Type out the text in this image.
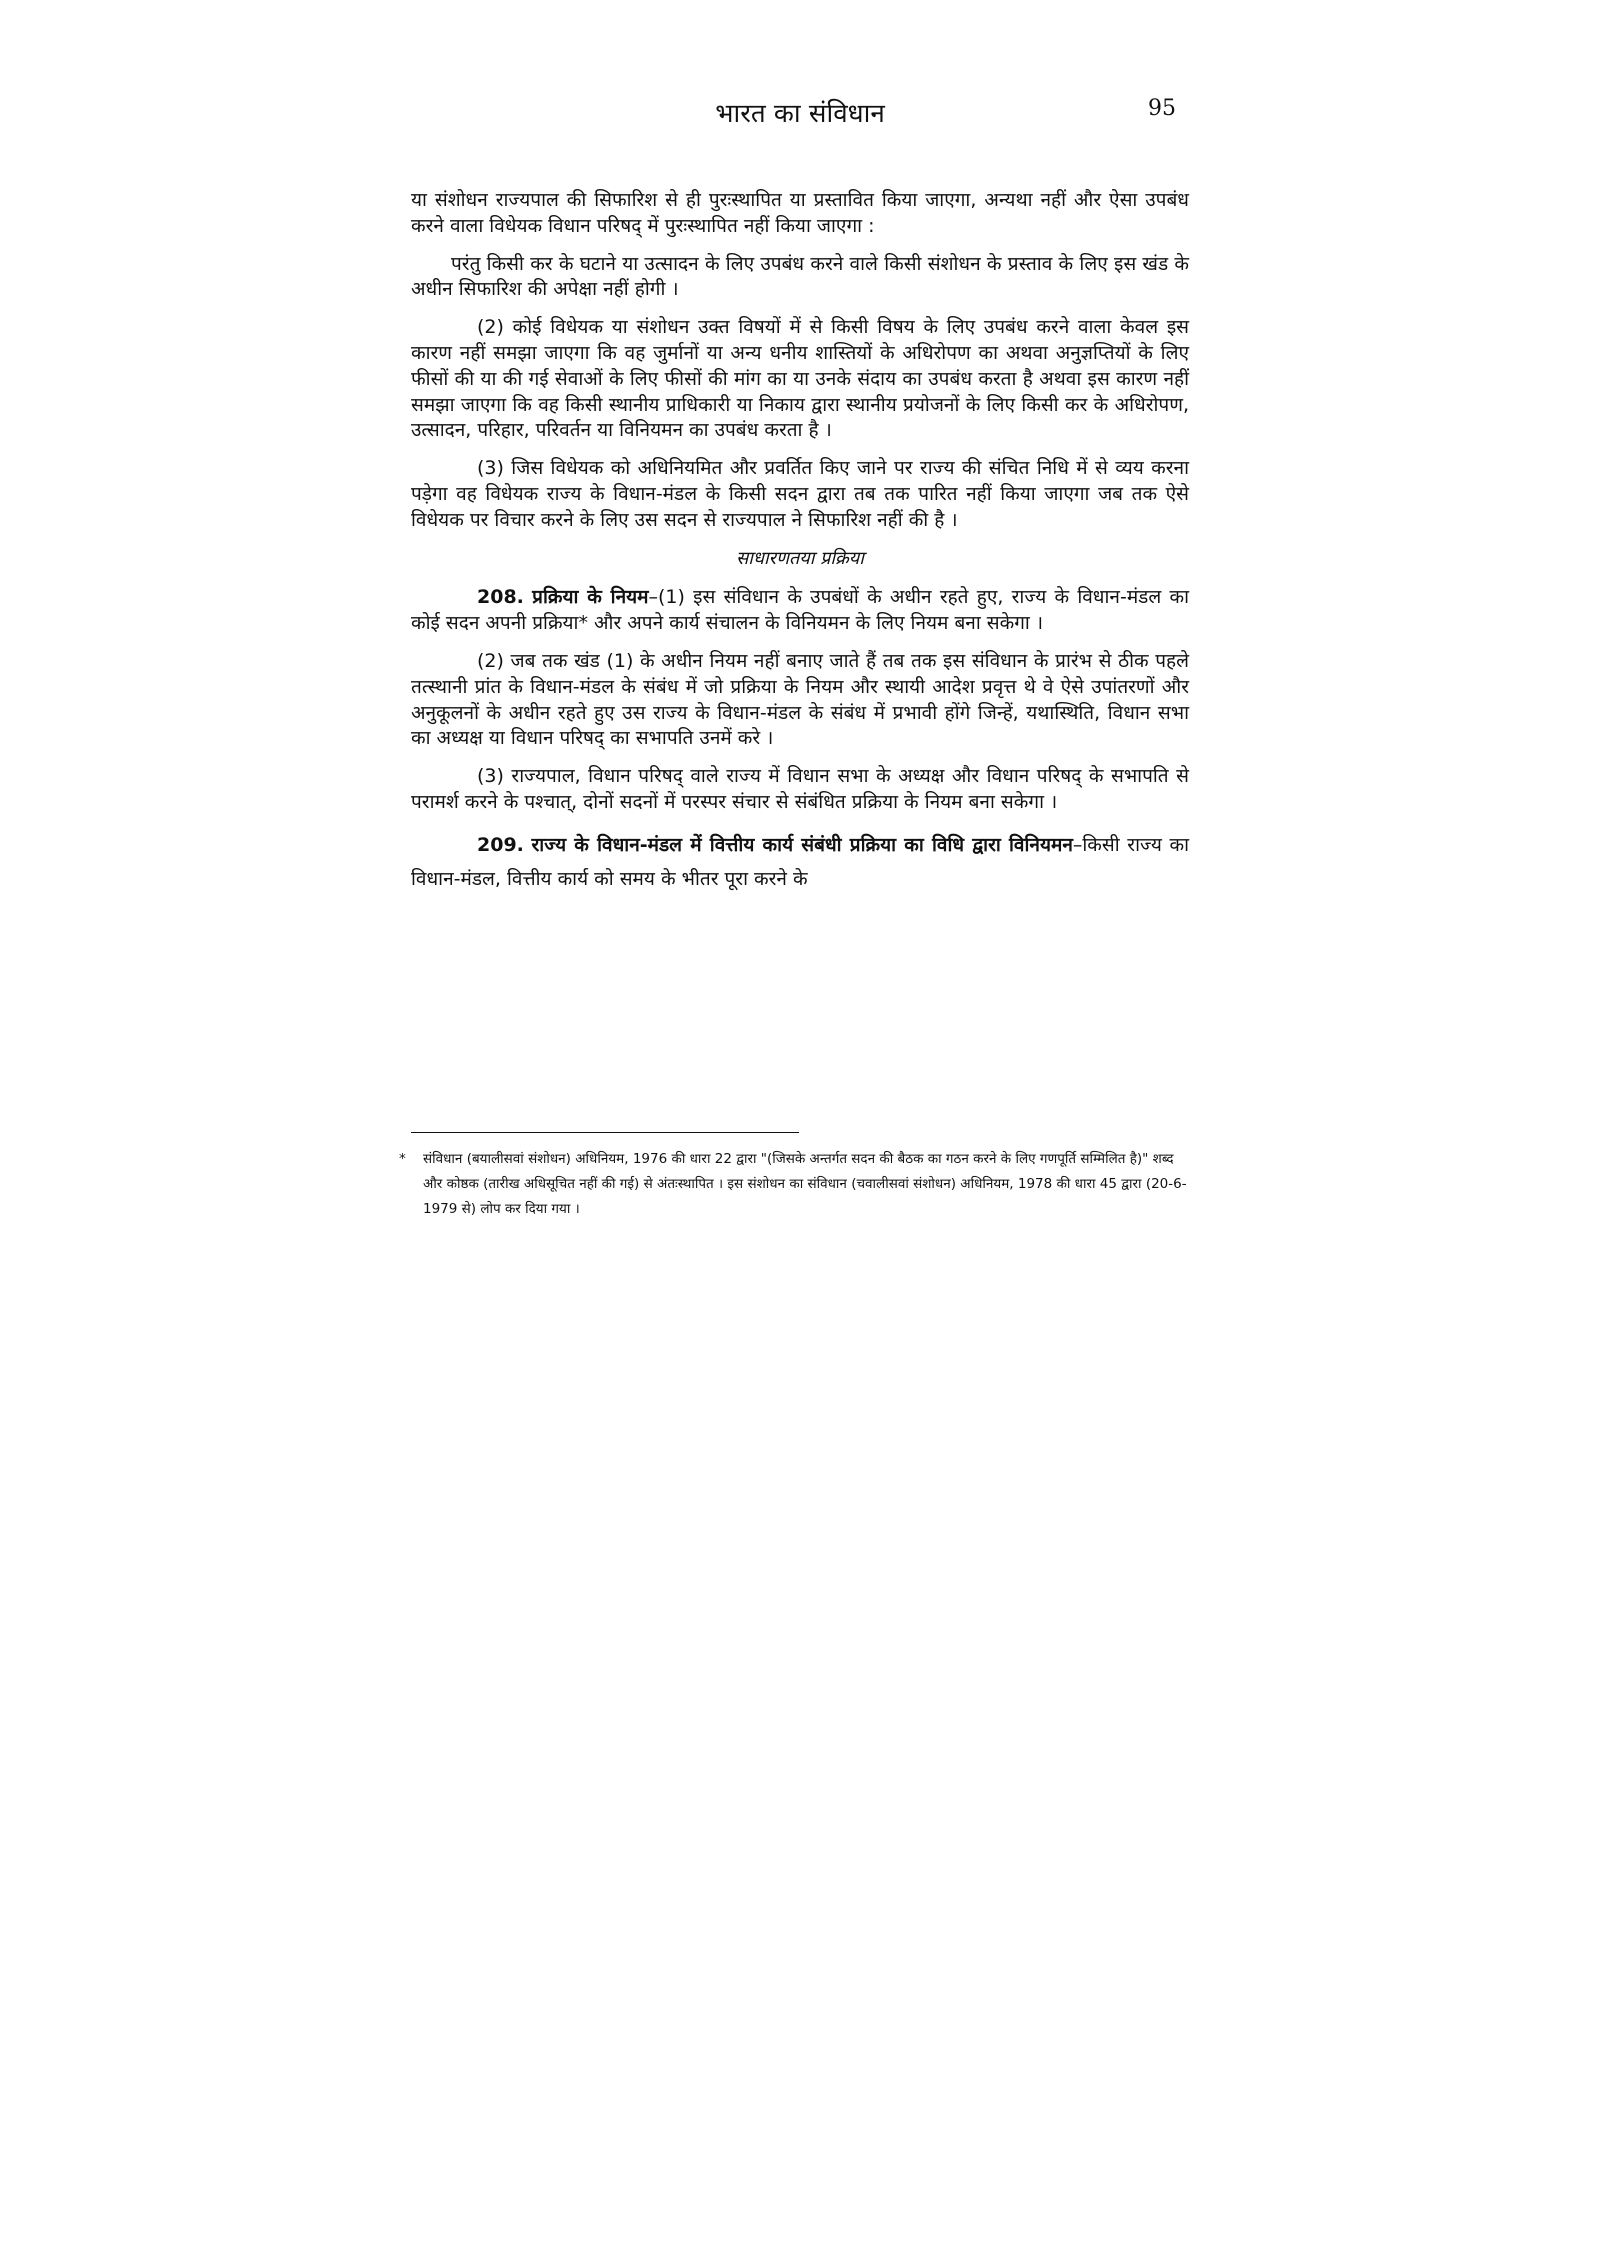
भारत का संविधान	95

या संशोधन राज्यपाल की सिफारिश से ही पुरःस्थापित या प्रस्तावित किया जाएगा, अन्यथा नहीं और ऐसा उपबंध करने वाला विधेयक विधान परिषद् में पुरःस्थापित नहीं किया जाएगा :

परंतु किसी कर के घटाने या उत्सादन के लिए उपबंध करने वाले किसी संशोधन के प्रस्ताव के लिए इस खंड के अधीन सिफारिश की अपेक्षा नहीं होगी ।

(2) कोई विधेयक या संशोधन उक्त विषयों में से किसी विषय के लिए उपबंध करने वाला केवल इस कारण नहीं समझा जाएगा कि वह जुर्मानों या अन्य धनीय शास्तियों के अधिरोपण का अथवा अनुज्ञप्तियों के लिए फीसों की या की गई सेवाओं के लिए फीसों की मांग का या उनके संदाय का उपबंध करता है अथवा इस कारण नहीं समझा जाएगा कि वह किसी स्थानीय प्राधिकारी या निकाय द्वारा स्थानीय प्रयोजनों के लिए किसी कर के अधिरोपण, उत्सादन, परिहार, परिवर्तन या विनियमन का उपबंध करता है ।

(3) जिस विधेयक को अधिनियमित और प्रवर्तित किए जाने पर राज्य की संचित निधि में से व्यय करना पड़ेगा वह विधेयक राज्य के विधान-मंडल के किसी सदन द्वारा तब तक पारित नहीं किया जाएगा जब तक ऐसे विधेयक पर विचार करने के लिए उस सदन से राज्यपाल ने सिफारिश नहीं की है ।

साधारणतया प्रक्रिया

208. प्रक्रिया के नियम–(1) इस संविधान के उपबंधों के अधीन रहते हुए, राज्य के विधान-मंडल का कोई सदन अपनी प्रक्रिया* और अपने कार्य संचालन के विनियमन के लिए नियम बना सकेगा ।

(2) जब तक खंड (1) के अधीन नियम नहीं बनाए जाते हैं तब तक इस संविधान के प्रारंभ से ठीक पहले तत्स्थानी प्रांत के विधान-मंडल के संबंध में जो प्रक्रिया के नियम और स्थायी आदेश प्रवृत्त थे वे ऐसे उपांतरणों और अनुकूलनों के अधीन रहते हुए उस राज्य के विधान-मंडल के संबंध में प्रभावी होंगे जिन्हें, यथास्थिति, विधान सभा का अध्यक्ष या विधान परिषद् का सभापति उनमें करे ।

(3) राज्यपाल, विधान परिषद् वाले राज्य में विधान सभा के अध्यक्ष और विधान परिषद् के सभापति से परामर्श करने के पश्चात्, दोनों सदनों में परस्पर संचार से संबंधित प्रक्रिया के नियम बना सकेगा ।

209. राज्य के विधान-मंडल में वित्तीय कार्य संबंधी प्रक्रिया का विधि द्वारा विनियमन–किसी राज्य का विधान-मंडल, वित्तीय कार्य को समय के भीतर पूरा करने के

* संविधान (बयालीसवां संशोधन) अधिनियम, 1976 की धारा 22 द्वारा "(जिसके अन्तर्गत सदन की बैठक का गठन करने के लिए गणपूर्ति सम्मिलित है)" शब्द और कोष्ठक (तारीख अधिसूचित नहीं की गई) से अंतःस्थापित । इस संशोधन का संविधान (चवालीसवां संशोधन) अधिनियम, 1978 की धारा 45 द्वारा (20-6-1979 से) लोप कर दिया गया ।
